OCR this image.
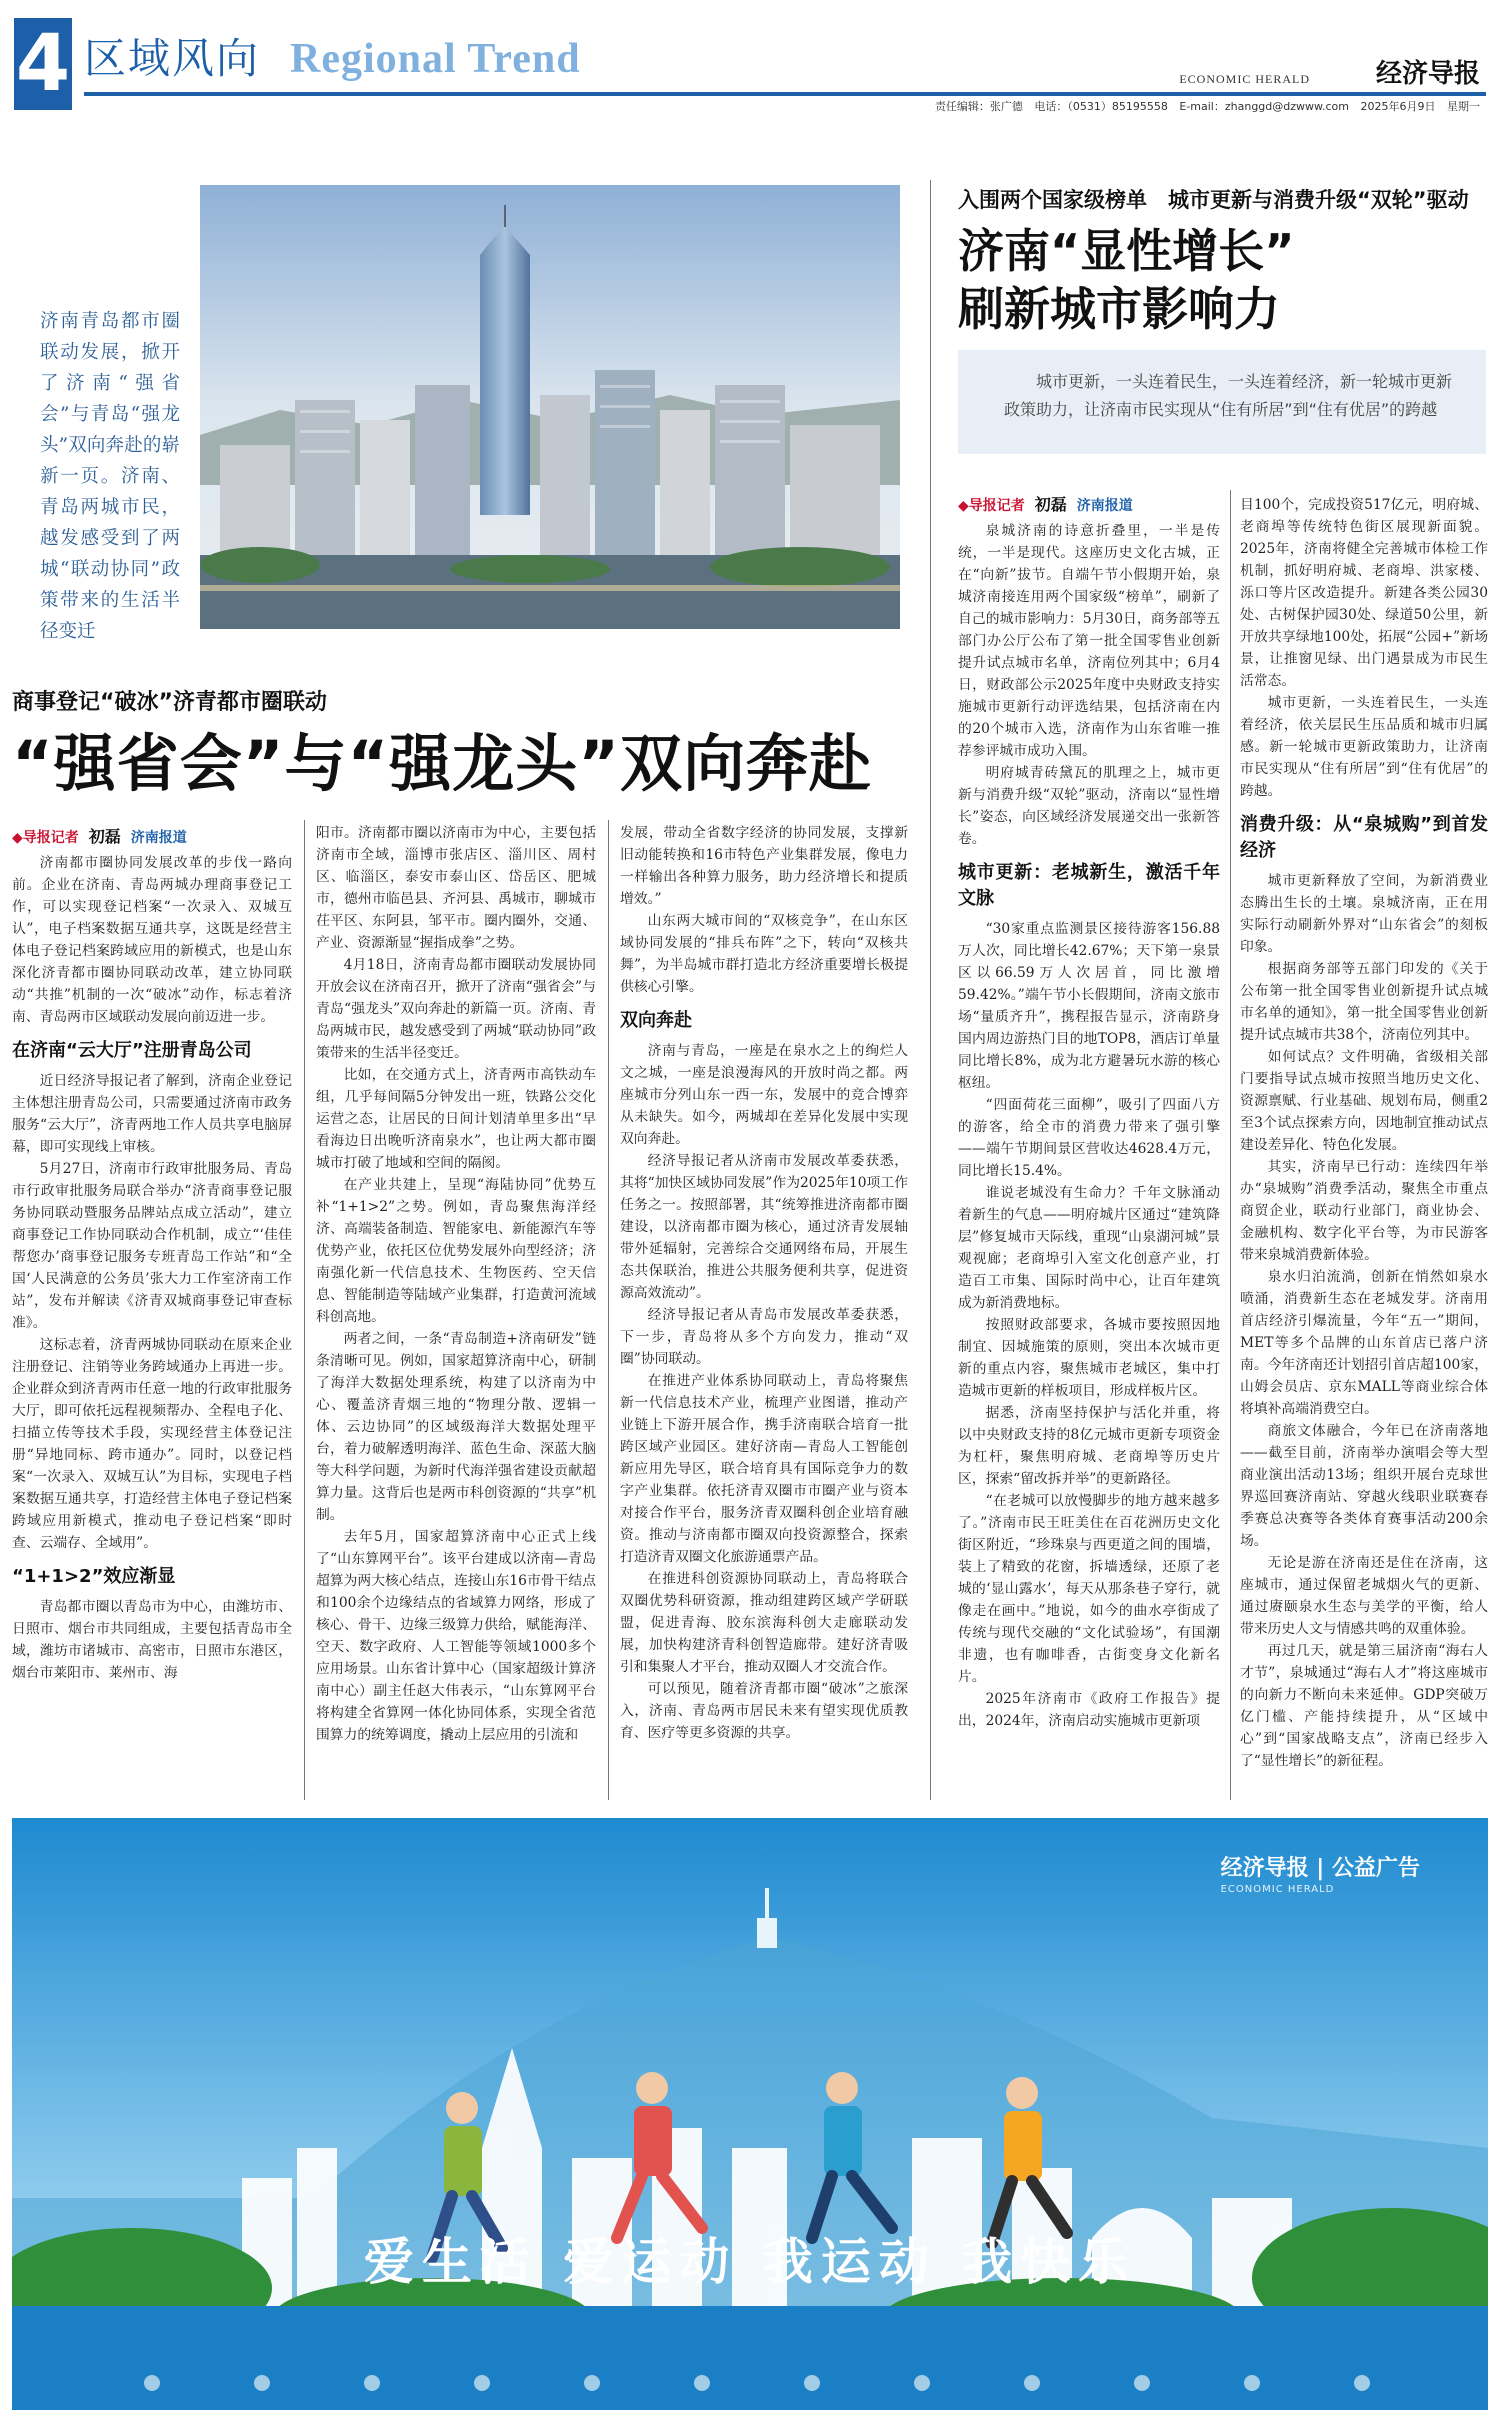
4 区域风向 Regional Trend	ECONOMIC HERALD	经济导报
责任编辑：张广德 电话：（0531）85195558 E-mail：zhanggd@dzwww.com 2025年6月9日 星期一
济南青岛都市圈联动发展，掀开了济南“强省会”与青岛“强龙头”双向奔赴的崭新一页。济南、青岛两城市民，越发感受到了两城“联动协同”政策带来的生活半径变迁
商事登记“破冰”济青都市圈联动
“强省会”与“强龙头”双向奔赴
◆导报记者 初磊 济南报道

济南都市圈协同发展改革的步伐一路向前。企业在济南、青岛两城办理商事登记工作，可以实现登记档案“一次录入、双城互认”，电子档案数据互通共享，这既是经营主体电子登记档案跨域应用的新模式，也是山东深化济青都市圈协同联动改革，建立协同联动“共推”机制的一次“破冰”动作，标志着济南、青岛两市区域联动发展向前迈进一步。

在济南“云大厅”注册青岛公司

近日经济导报记者了解到，济南企业登记主体想注册青岛公司，只需要通过济南市政务服务“云大厅”，济青两地工作人员共享电脑屏幕，即可实现线上审核。

5月27日，济南市行政审批服务局、青岛市行政审批服务局联合举办“济青商事登记服务协同联动暨服务品牌站点成立活动”，建立商事登记工作协同联动合作机制，成立“‘佳佳帮您办’商事登记服务专班青岛工作站”和“全国‘人民满意的公务员’张大力工作室济南工作站”，发布并解读《济青双城商事登记审查标准》。

这标志着，济青两城协同联动在原来企业注册登记、注销等业务跨域通办上再进一步。企业群众到济青两市任意一地的行政审批服务大厅，即可依托远程视频帮办、全程电子化、扫描立传等技术手段，实现经营主体登记注册“异地同标、跨市通办”。同时，以登记档案“一次录入、双城互认”为目标，实现电子档案数据互通共享，打造经营主体电子登记档案跨域应用新模式，推动电子登记档案“即时查、云端存、全域用”。

“1+1>2”效应渐显

青岛都市圈以青岛市为中心，由潍坊市、日照市、烟台市共同组成，主要包括青岛市全域，潍坊市诸城市、高密市，日照市东港区，烟台市莱阳市、莱州市、海

阳市。济南都市圈以济南市为中心，主要包括济南市全域，淄博市张店区、淄川区、周村区、临淄区，泰安市泰山区、岱岳区、肥城市，德州市临邑县、齐河县、禹城市，聊城市茌平区、东阿县，邹平市。圈内圈外，交通、产业、资源渐显“握指成拳”之势。

4月18日，济南青岛都市圈联动发展协同开放会议在济南召开，掀开了济南“强省会”与青岛“强龙头”双向奔赴的新篇一页。济南、青岛两城市民，越发感受到了两城“联动协同”政策带来的生活半径变迁。

比如，在交通方式上，济青两市高铁动车组，几乎每间隔5分钟发出一班，铁路公交化运营之态，让居民的日间计划清单里多出“早看海边日出晚听济南泉水”，也让两大都市圈城市打破了地域和空间的隔阂。

在产业共建上，呈现“海陆协同”优势互补“1+1>2”之势。例如，青岛聚焦海洋经济、高端装备制造、智能家电、新能源汽车等优势产业，依托区位优势发展外向型经济；济南强化新一代信息技术、生物医药、空天信息、智能制造等陆域产业集群，打造黄河流域科创高地。

两者之间，一条“青岛制造+济南研发”链条清晰可见。例如，国家超算济南中心，研制了海洋大数据处理系统，构建了以济南为中心、覆盖济青烟三地的“物理分散、逻辑一体、云边协同”的区域级海洋大数据处理平台，着力破解透明海洋、蓝色生命、深蓝大脑等大科学问题，为新时代海洋强省建设贡献超算力量。这背后也是两市科创资源的“共享”机制。

去年5月，国家超算济南中心正式上线了“山东算网平台”。该平台建成以济南—青岛超算为两大核心结点，连接山东16市骨干结点和100余个边缘结点的省域算力网络，形成了核心、骨干、边缘三级算力供给，赋能海洋、空天、数字政府、人工智能等领域1000多个应用场景。山东省计算中心（国家超级计算济南中心）副主任赵大伟表示，“山东算网平台将构建全省算网一体化协同体系，实现全省范围算力的统筹调度，撬动上层应用的引流和

发展，带动全省数字经济的协同发展，支撑新旧动能转换和16市特色产业集群发展，像电力一样输出各种算力服务，助力经济增长和提质增效。”

山东两大城市间的“双核竞争”，在山东区域协同发展的“排兵布阵”之下，转向“双核共舞”，为半岛城市群打造北方经济重要增长极提供核心引擎。

双向奔赴

济南与青岛，一座是在泉水之上的绚烂人文之城，一座是浪漫海风的开放时尚之都。两座城市分列山东一西一东，发展中的竞合博弈从未缺失。如今，两城却在差异化发展中实现双向奔赴。

经济导报记者从济南市发展改革委获悉，其将“加快区域协同发展”作为2025年10项工作任务之一。按照部署，其“统筹推进济南都市圈建设，以济南都市圈为核心，通过济青发展轴带外延辐射，完善综合交通网络布局，开展生态共保联治，推进公共服务便利共享，促进资源高效流动”。

经济导报记者从青岛市发展改革委获悉，下一步，青岛将从多个方向发力，推动“双圈”协同联动。

在推进产业体系协同联动上，青岛将聚焦新一代信息技术产业，梳理产业图谱，推动产业链上下游开展合作，携手济南联合培育一批跨区域产业园区。建好济南—青岛人工智能创新应用先导区，联合培育具有国际竞争力的数字产业集群。依托济青双圈市市圈产业与资本对接合作平台，服务济青双圈科创企业培育融资。推动与济南都市圈双向投资源整合，探索打造济青双圈文化旅游通票产品。

在推进科创资源协同联动上，青岛将联合双圈优势科研资源，推动组建跨区域产学研联盟，促进青海、胶东滨海科创大走廊联动发展，加快构建济青科创智造廊带。建好济青吸引和集聚人才平台，推动双圈人才交流合作。

可以预见，随着济青都市圈“破冰”之旅深入，济南、青岛两市居民未来有望实现优质教育、医疗等更多资源的共享。

入围两个国家级榜单　城市更新与消费升级“双轮”驱动
济南“显性增长”
刷新城市影响力
城市更新，一头连着民生，一头连着经济，新一轮城市更新政策助力，让济南市民实现从“住有所居”到“住有优居”的跨越
◆导报记者 初磊 济南报道

泉城济南的诗意折叠里，一半是传统，一半是现代。这座历史文化古城，正在“向新”拔节。自端午节小假期开始，泉城济南接连用两个国家级“榜单”，刷新了自己的城市影响力：5月30日，商务部等五部门办公厅公布了第一批全国零售业创新提升试点城市名单，济南位列其中；6月4日，财政部公示2025年度中央财政支持实施城市更新行动评选结果，包括济南在内的20个城市入选，济南作为山东省唯一推荐参评城市成功入围。

明府城青砖黛瓦的肌理之上，城市更新与消费升级“双轮”驱动，济南以“显性增长”姿态，向区域经济发展递交出一张新答卷。

城市更新：老城新生，激活千年文脉

“30家重点监测景区接待游客156.88万人次，同比增长42.67%；天下第一泉景区以66.59万人次居首，同比激增59.42%。”端午节小长假期间，济南文旅市场“量质齐升”，携程报告显示，济南跻身国内周边游热门目的地TOP8，酒店订单量同比增长8%，成为北方避暑玩水游的核心枢纽。

“四面荷花三面柳”，吸引了四面八方的游客，给全市的消费力带来了强引擎——端午节期间景区营收达4628.4万元，同比增长15.4%。

谁说老城没有生命力？千年文脉涌动着新生的气息——明府城片区通过“建筑降层”修复城市天际线，重现“山泉湖河城”景观视廊；老商埠引入室文化创意产业，打造百工市集、国际时尚中心，让百年建筑成为新消费地标。

按照财政部要求，各城市要按照因地制宜、因城施策的原则，突出本次城市更新的重点内容，聚焦城市老城区，集中打造城市更新的样板项目，形成样板片区。

据悉，济南坚持保护与活化并重，将以中央财政支持的8亿元城市更新专项资金为杠杆，聚焦明府城、老商埠等历史片区，探索“留改拆并举”的更新路径。

“在老城可以放慢脚步的地方越来越多了。”济南市民王旺美住在百花洲历史文化街区附近，“珍珠泉与西更道之间的围墙，装上了精致的花窗，拆墙透绿，还原了老城的‘显山露水’，每天从那条巷子穿行，就像走在画中。”地说，如今的曲水亭街成了传统与现代交融的“文化试验场”，有国潮非遗，也有咖啡香，古街变身文化新名片。

2025年济南市《政府工作报告》提出，2024年，济南启动实施城市更新项

目100个，完成投资517亿元，明府城、老商埠等传统特色街区展现新面貌。2025年，济南将健全完善城市体检工作机制，抓好明府城、老商埠、洪家楼、泺口等片区改造提升。新建各类公园30处、古树保护园30处、绿道50公里，新开放共享绿地100处，拓展“公园+”新场景，让推窗见绿、出门遇景成为市民生活常态。

城市更新，一头连着民生，一头连着经济，依关层民生压品质和城市归属感。新一轮城市更新政策助力，让济南市民实现从“住有所居”到“住有优居”的跨越。

消费升级：从“泉城购”到首发经济

城市更新释放了空间，为新消费业态腾出生长的土壤。泉城济南，正在用实际行动刷新外界对“山东省会”的刻板印象。

根据商务部等五部门印发的《关于公布第一批全国零售业创新提升试点城市名单的通知》，第一批全国零售业创新提升试点城市共38个，济南位列其中。

如何试点？文件明确，省级相关部门要指导试点城市按照当地历史文化、资源禀赋、行业基础、规划布局，侧重2至3个试点探索方向，因地制宜推动试点建设差异化、特色化发展。

其实，济南早已行动：连续四年举办“泉城购”消费季活动，聚焦全市重点商贸企业，联动行业部门，商业协会、金融机构、数字化平台等，为市民游客带来泉城消费新体验。

泉水归泊流淌，创新在悄然如泉水喷涌，消费新生态在老城发芽。济南用首店经济引爆流量，今年“五一”期间，MET等多个品牌的山东首店已落户济南。今年济南还计划招引首店超100家，山姆会员店、京东MALL等商业综合体将填补高端消费空白。

商旅文体融合，今年已在济南落地——截至目前，济南举办演唱会等大型商业演出活动13场；组织开展台克球世界巡回赛济南站、穿越火线职业联赛春季赛总决赛等各类体育赛事活动200余场。

无论是游在济南还是住在济南，这座城市，通过保留老城烟火气的更新、通过赓颐泉水生态与美学的平衡，给人带来历史人文与情感共鸣的双重体验。

再过几天，就是第三届济南“海右人才节”，泉城通过“海右人才”将这座城市的向新力不断向未来延伸。GDP突破万亿门槛、产能持续提升，从“区域中心”到“国家战略支点”，济南已经步入了“显性增长”的新征程。

经济导报 | 公益广告
ECONOMIC HERALD
爱生活 爱运动 我运动 我快乐
